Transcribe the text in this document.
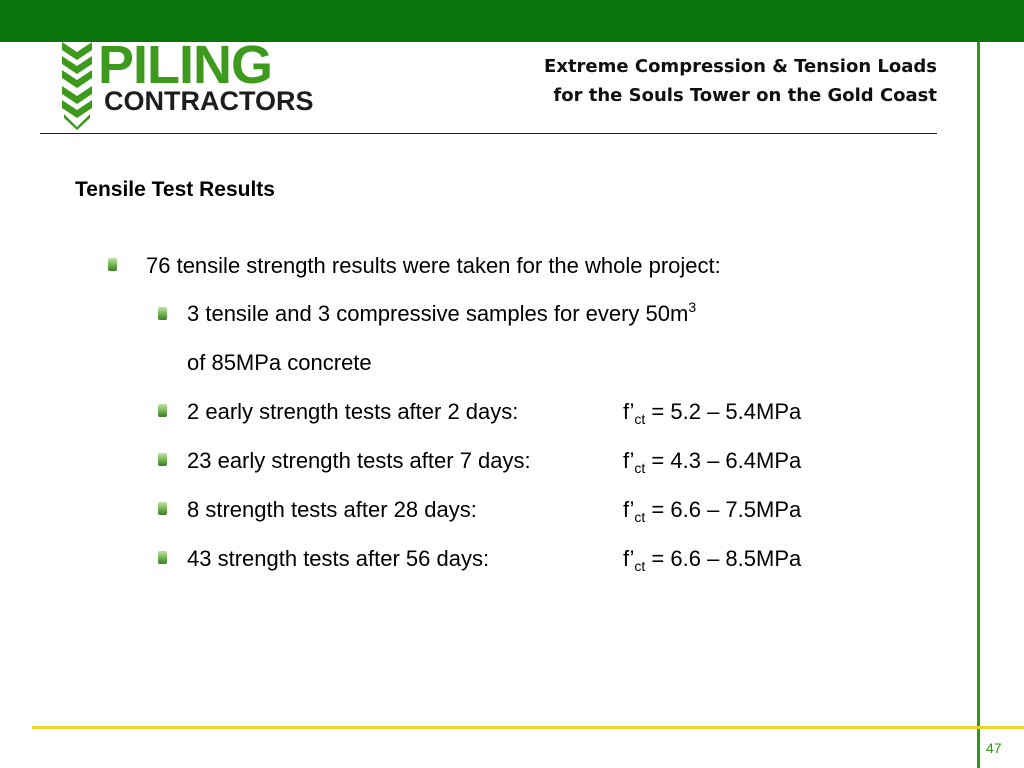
PILING
CONTRACTORS
Extreme Compression & Tension Loads
for the Souls Tower on the Gold Coast
Tensile Test Results
76 tensile strength results were taken for the whole project:
3 tensile and 3 compressive samples for every $50m^3$
of 85MPa concrete
2 early strength tests after 2 days:	$f’_{ct} = 5.2 - 5.4MPa$
23 early strength tests after 7 days:	$f’_{ct} = 4.3 - 6.4MPa$
8 strength tests after 28 days:	$f’_{ct} = 6.6 - 7.5MPa$
43 strength tests after 56 days:	$f’_{ct} = 6.6 - 8.5MPa$
47
